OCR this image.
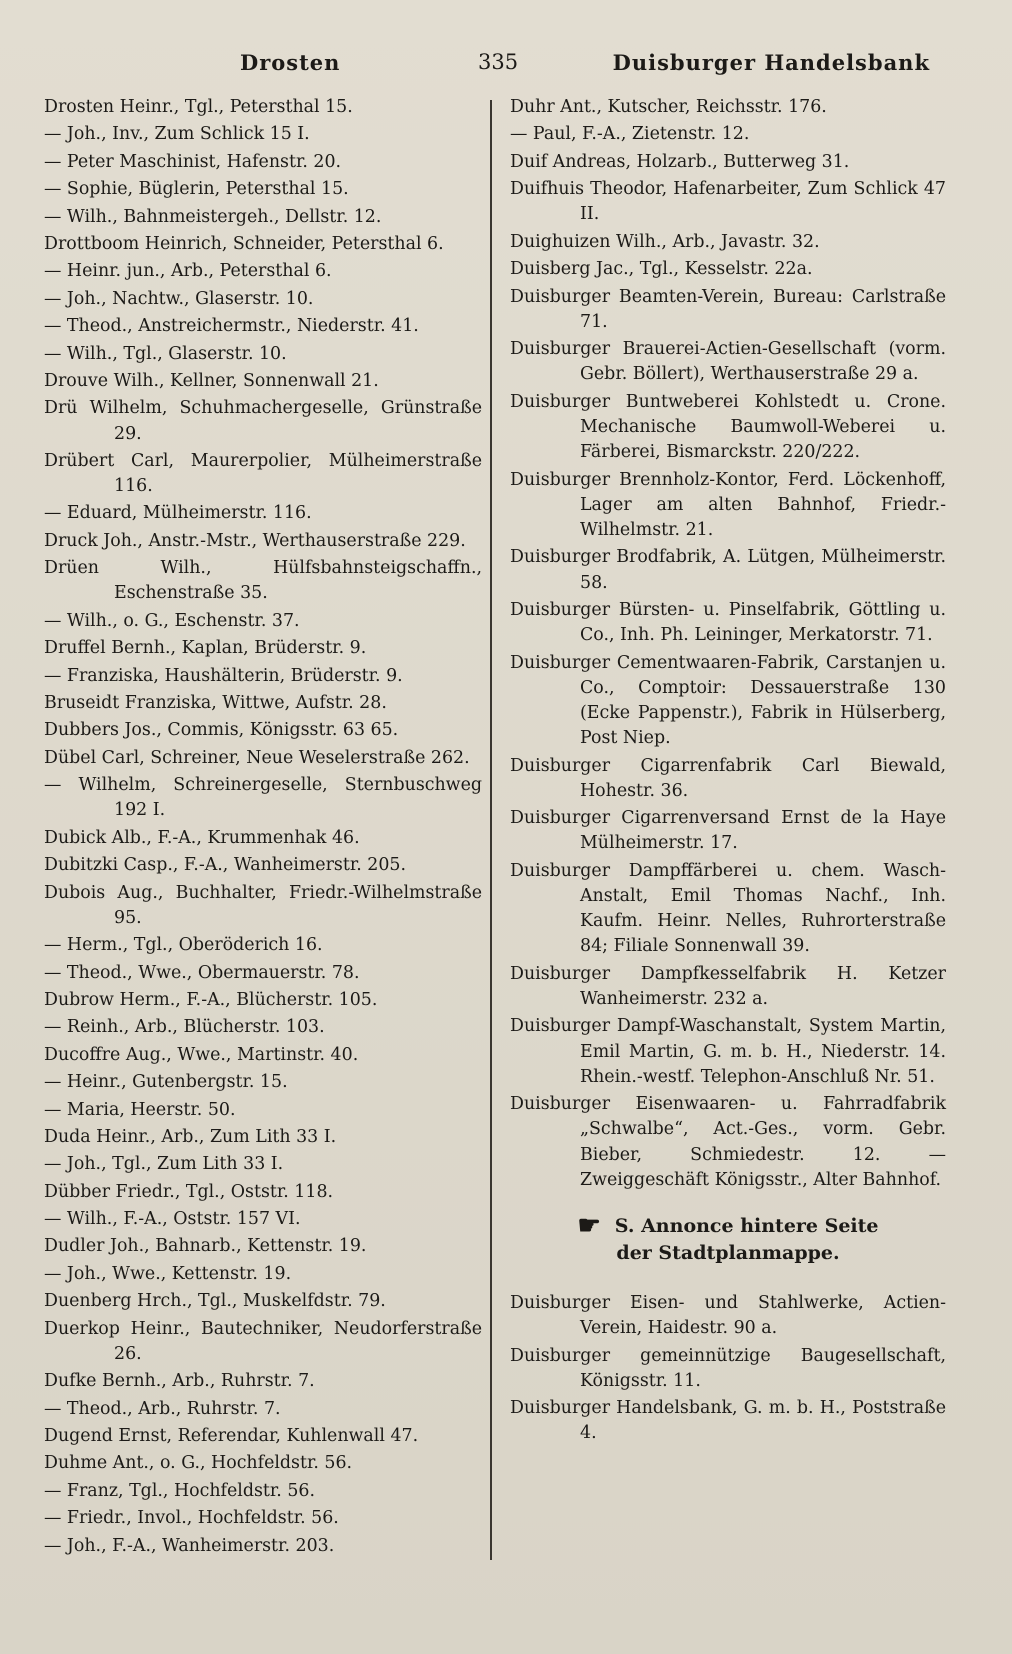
Drosten	335	Duisburger Handelsbank
Drosten Heinr., Tgl., Petersthal 15.
— Joh., Inv., Zum Schlick 15 I.
— Peter Maschinist, Hafenstr. 20.
— Sophie, Büglerin, Petersthal 15.
— Wilh., Bahnmeistergeh., Dellstr. 12.
Drottboom Heinrich, Schneider, Petersthal 6.
— Heinr. jun., Arb., Petersthal 6.
— Joh., Nachtw., Glaserstr. 10.
— Theod., Anstreichermstr., Niederstr. 41.
— Wilh., Tgl., Glaserstr. 10.
Drouve Wilh., Kellner, Sonnenwall 21.
Drü Wilhelm, Schuhmachergeselle, Grünstraße 29.
Drübert Carl, Maurerpolier, Mülheimerstraße 116.
— Eduard, Mülheimerstr. 116.
Druck Joh., Anstr.-Mstr., Werthauserstraße 229.
Drüen Wilh., Hülfsbahnsteigschaffn., Eschenstraße 35.
— Wilh., o. G., Eschenstr. 37.
Druffel Bernh., Kaplan, Brüderstr. 9.
— Franziska, Haushälterin, Brüderstr. 9.
Bruseidt Franziska, Wittwe, Aufstr. 28.
Dubbers Jos., Commis, Königsstr. 63 65.
Dübel Carl, Schreiner, Neue Weselerstraße 262.
— Wilhelm, Schreinergeselle, Sternbuschweg 192 I.
Dubick Alb., F.-A., Krummenhak 46.
Dubitzki Casp., F.-A., Wanheimerstr. 205.
Dubois Aug., Buchhalter, Friedr.-Wilhelmstraße 95.
— Herm., Tgl., Oberöderich 16.
— Theod., Wwe., Obermauerstr. 78.
Dubrow Herm., F.-A., Blücherstr. 105.
— Reinh., Arb., Blücherstr. 103.
Ducoffre Aug., Wwe., Martinstr. 40.
— Heinr., Gutenbergstr. 15.
— Maria, Heerstr. 50.
Duda Heinr., Arb., Zum Lith 33 I.
— Joh., Tgl., Zum Lith 33 I.
Dübber Friedr., Tgl., Oststr. 118.
— Wilh., F.-A., Oststr. 157 VI.
Dudler Joh., Bahnarb., Kettenstr. 19.
— Joh., Wwe., Kettenstr. 19.
Duenberg Hrch., Tgl., Muskelfdstr. 79.
Duerkop Heinr., Bautechniker, Neudorferstraße 26.
Dufke Bernh., Arb., Ruhrstr. 7.
— Theod., Arb., Ruhrstr. 7.
Dugend Ernst, Referendar, Kuhlenwall 47.
Duhme Ant., o. G., Hochfeldstr. 56.
— Franz, Tgl., Hochfeldstr. 56.
— Friedr., Invol., Hochfeldstr. 56.
— Joh., F.-A., Wanheimerstr. 203.
Duhr Ant., Kutscher, Reichsstr. 176.
— Paul, F.-A., Zietenstr. 12.
Duif Andreas, Holzarb., Butterweg 31.
Duifhuis Theodor, Hafenarbeiter, Zum Schlick 47 II.
Duighuizen Wilh., Arb., Javastr. 32.
Duisberg Jac., Tgl., Kesselstr. 22a.
Duisburger Beamten-Verein, Bureau: Carlstraße 71.
Duisburger Brauerei-Actien-Gesellschaft (vorm. Gebr. Böllert), Werthauserstraße 29 a.
Duisburger Buntweberei Kohlstedt u. Crone. Mechanische Baumwoll-Weberei u. Färberei, Bismarckstr. 220/222.
Duisburger Brennholz-Kontor, Ferd. Löckenhoff, Lager am alten Bahnhof, Friedr.-Wilhelmstr. 21.
Duisburger Brodfabrik, A. Lütgen, Mülheimerstr. 58.
Duisburger Bürsten- u. Pinselfabrik, Göttling u. Co., Inh. Ph. Leininger, Merkatorstr. 71.
Duisburger Cementwaaren-Fabrik, Carstanjen u. Co., Comptoir: Dessauerstraße 130 (Ecke Pappenstr.), Fabrik in Hülserberg, Post Niep.
Duisburger Cigarrenfabrik Carl Biewald, Hohestr. 36.
Duisburger Cigarrenversand Ernst de la Haye Mülheimerstr. 17.
Duisburger Dampffärberei u. chem. Wasch-Anstalt, Emil Thomas Nachf., Inh. Kaufm. Heinr. Nelles, Ruhrorterstraße 84; Filiale Sonnenwall 39.
Duisburger Dampfkesselfabrik H. Ketzer Wanheimerstr. 232 a.
Duisburger Dampf-Waschanstalt, System Martin, Emil Martin, G. m. b. H., Niederstr. 14. Rhein.-westf. Telephon-Anschluß Nr. 51.
Duisburger Eisenwaaren- u. Fahrradfabrik „Schwalbe“, Act.-Ges., vorm. Gebr. Bieber, Schmiedestr. 12. — Zweiggeschäft Königsstr., Alter Bahnhof.
☛ S. Annonce hintere Seite
der Stadtplanmappe.
Duisburger Eisen- und Stahlwerke, Actien-Verein, Haidestr. 90 a.
Duisburger gemeinnützige Baugesellschaft, Königsstr. 11.
Duisburger Handelsbank, G. m. b. H., Poststraße 4.
